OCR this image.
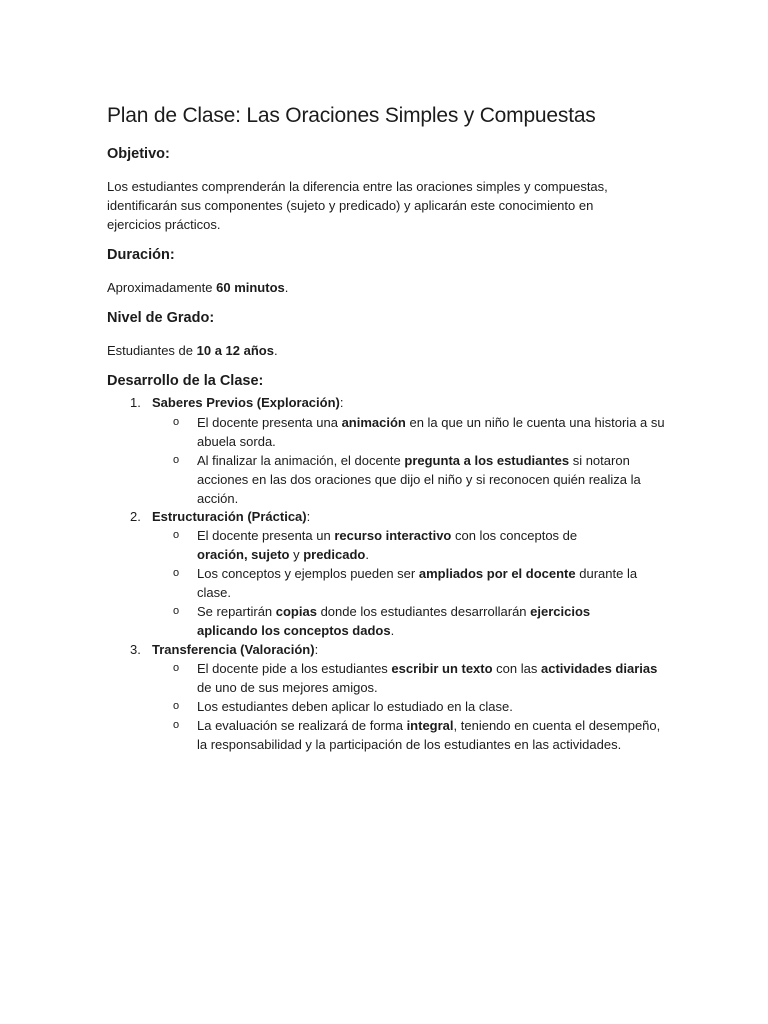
Plan de Clase: Las Oraciones Simples y Compuestas
Objetivo:

Los estudiantes comprenderán la diferencia entre las oraciones simples y compuestas, identificarán sus componentes (sujeto y predicado) y aplicarán este conocimiento en ejercicios prácticos.

Duración:

Aproximadamente 60 minutos.

Nivel de Grado:

Estudiantes de 10 a 12 años.

Desarrollo de la Clase:
1. Saberes Previos (Exploración):
o	El docente presenta una animación en la que un niño le cuenta una historia a su abuela sorda.
o	Al finalizar la animación, el docente pregunta a los estudiantes si notaron acciones en las dos oraciones que dijo el niño y si reconocen quién realiza la acción.
2. Estructuración (Práctica):
o	El docente presenta un recurso interactivo con los conceptos de oración, sujeto y predicado.
o	Los conceptos y ejemplos pueden ser ampliados por el docente durante la clase.
o	Se repartirán copias donde los estudiantes desarrollarán ejercicios aplicando los conceptos dados.
3. Transferencia (Valoración):
o	El docente pide a los estudiantes escribir un texto con las actividades diarias de uno de sus mejores amigos.
o	Los estudiantes deben aplicar lo estudiado en la clase.
o	La evaluación se realizará de forma integral, teniendo en cuenta el desempeño, la responsabilidad y la participación de los estudiantes en las actividades.
